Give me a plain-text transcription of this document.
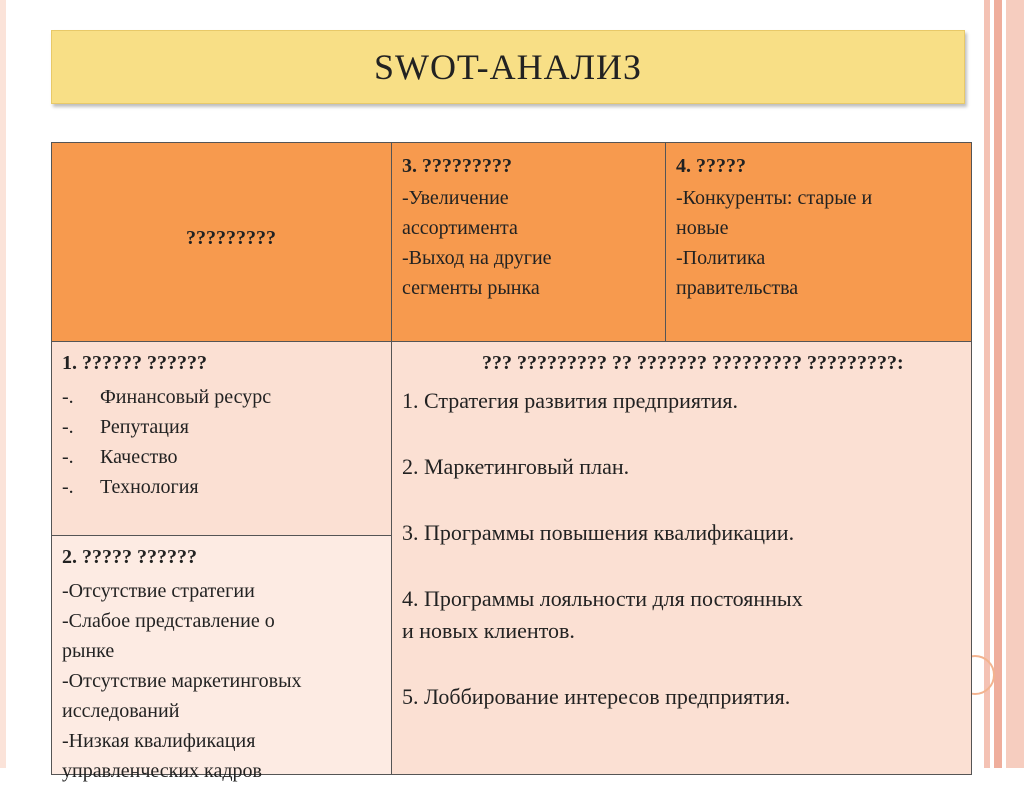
SWOT-АНАЛИЗ
?????????
3. ?????????
-Увеличение
ассортимента
-Выход на другие
сегменты рынка
4. ?????
-Конкуренты: старые и
новые
-Политика
правительства
1. ?????? ??????
-. Финансовый ресурс
-. Репутация
-. Качество
-. Технология
2. ????? ??????
-Отсутствие стратегии
-Слабое представление о
рынке
-Отсутствие маркетинговых
исследований
-Низкая квалификация
управленческих кадров
??? ????????? ?? ??????? ????????? ?????????:
1. Стратегия развития предприятия.
2. Маркетинговый план.
3. Программы повышения квалификации.
4. Программы лояльности для постоянных
и новых клиентов.
5. Лоббирование интересов предприятия.
